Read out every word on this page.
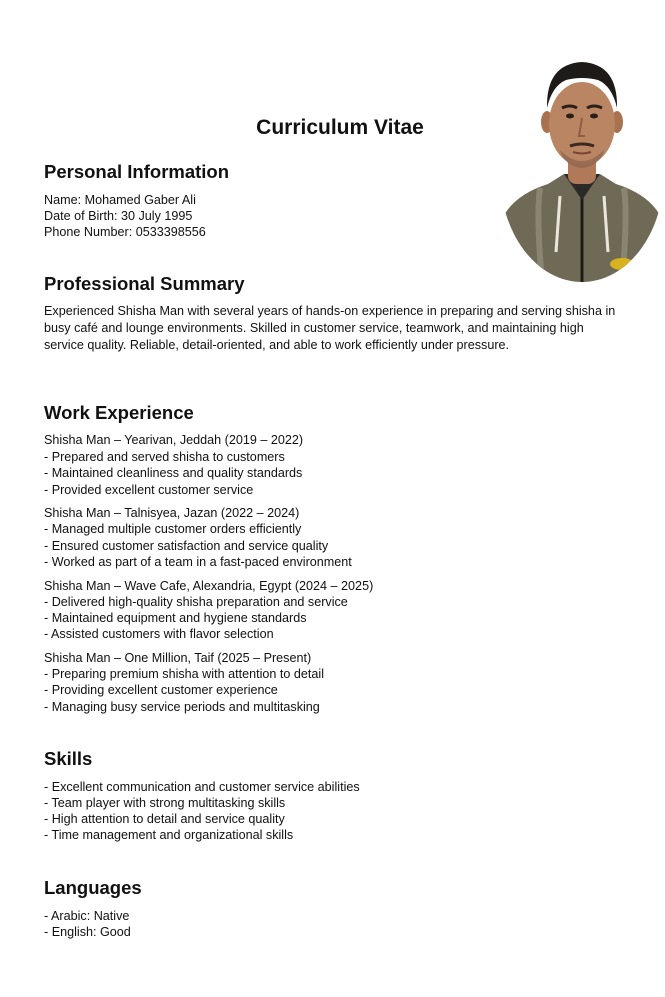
Curriculum Vitae
Personal Information
Name: Mohamed Gaber Ali
Date of Birth: 30 July 1995
Phone Number: 0533398556
Professional Summary
Experienced Shisha Man with several years of hands-on experience in preparing and serving shisha in busy café and lounge environments. Skilled in customer service, teamwork, and maintaining high service quality. Reliable, detail-oriented, and able to work efficiently under pressure.
Work Experience
Shisha Man – Yearivan, Jeddah (2019 – 2022)
- Prepared and served shisha to customers
- Maintained cleanliness and quality standards
- Provided excellent customer service
Shisha Man – Talnisyea, Jazan (2022 – 2024)
- Managed multiple customer orders efficiently
- Ensured customer satisfaction and service quality
- Worked as part of a team in a fast-paced environment
Shisha Man – Wave Cafe, Alexandria, Egypt (2024 – 2025)
- Delivered high-quality shisha preparation and service
- Maintained equipment and hygiene standards
- Assisted customers with flavor selection
Shisha Man – One Million, Taif (2025 – Present)
- Preparing premium shisha with attention to detail
- Providing excellent customer experience
- Managing busy service periods and multitasking
Skills
- Excellent communication and customer service abilities
- Team player with strong multitasking skills
- High attention to detail and service quality
- Time management and organizational skills
Languages
- Arabic: Native
- English: Good
